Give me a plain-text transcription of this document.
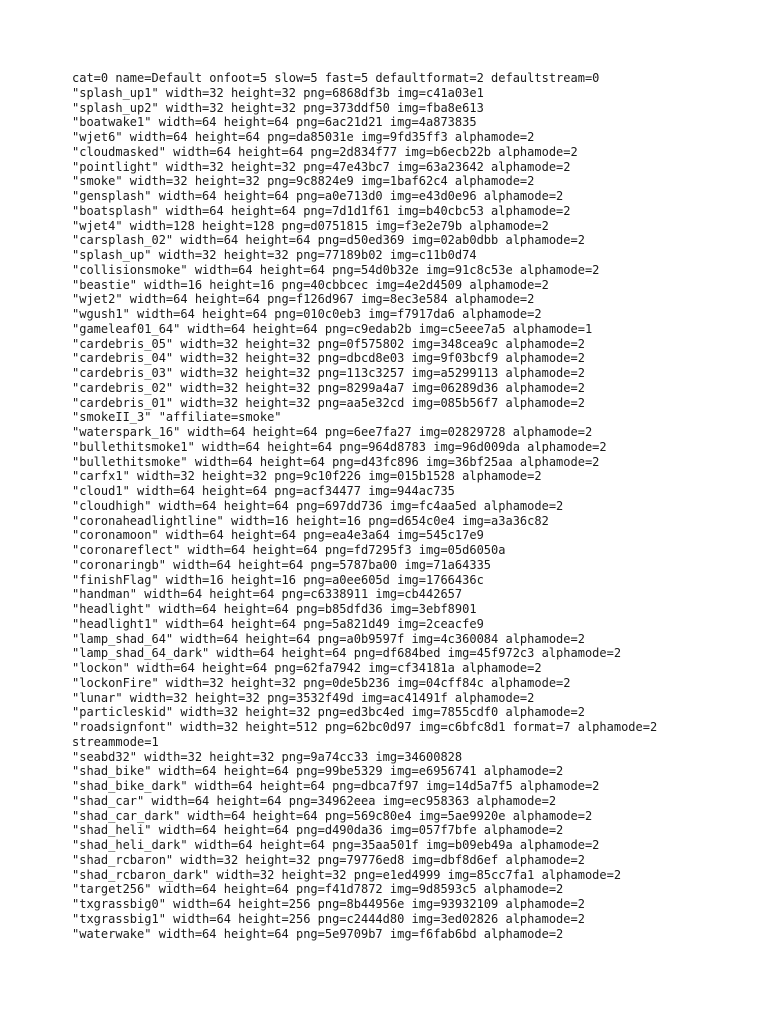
cat=0 name=Default onfoot=5 slow=5 fast=5 defaultformat=2 defaultstream=0
"splash_up1" width=32 height=32 png=6868df3b img=c41a03e1
"splash_up2" width=32 height=32 png=373ddf50 img=fba8e613
"boatwake1" width=64 height=64 png=6ac21d21 img=4a873835
"wjet6" width=64 height=64 png=da85031e img=9fd35ff3 alphamode=2
"cloudmasked" width=64 height=64 png=2d834f77 img=b6ecb22b alphamode=2
"pointlight" width=32 height=32 png=47e43bc7 img=63a23642 alphamode=2
"smoke" width=32 height=32 png=9c8824e9 img=1baf62c4 alphamode=2
"gensplash" width=64 height=64 png=a0e713d0 img=e43d0e96 alphamode=2
"boatsplash" width=64 height=64 png=7d1d1f61 img=b40cbc53 alphamode=2
"wjet4" width=128 height=128 png=d0751815 img=f3e2e79b alphamode=2
"carsplash_02" width=64 height=64 png=d50ed369 img=02ab0dbb alphamode=2
"splash_up" width=32 height=32 png=77189b02 img=c11b0d74
"collisionsmoke" width=64 height=64 png=54d0b32e img=91c8c53e alphamode=2
"beastie" width=16 height=16 png=40cbbcec img=4e2d4509 alphamode=2
"wjet2" width=64 height=64 png=f126d967 img=8ec3e584 alphamode=2
"wgush1" width=64 height=64 png=010c0eb3 img=f7917da6 alphamode=2
"gameleaf01_64" width=64 height=64 png=c9edab2b img=c5eee7a5 alphamode=1
"cardebris_05" width=32 height=32 png=0f575802 img=348cea9c alphamode=2
"cardebris_04" width=32 height=32 png=dbcd8e03 img=9f03bcf9 alphamode=2
"cardebris_03" width=32 height=32 png=113c3257 img=a5299113 alphamode=2
"cardebris_02" width=32 height=32 png=8299a4a7 img=06289d36 alphamode=2
"cardebris_01" width=32 height=32 png=aa5e32cd img=085b56f7 alphamode=2
"smokeII_3" "affiliate=smoke"
"waterspark_16" width=64 height=64 png=6ee7fa27 img=02829728 alphamode=2
"bullethitsmoke1" width=64 height=64 png=964d8783 img=96d009da alphamode=2
"bullethitsmoke" width=64 height=64 png=d43fc896 img=36bf25aa alphamode=2
"carfx1" width=32 height=32 png=9c10f226 img=015b1528 alphamode=2
"cloud1" width=64 height=64 png=acf34477 img=944ac735
"cloudhigh" width=64 height=64 png=697dd736 img=fc4aa5ed alphamode=2
"coronaheadlightline" width=16 height=16 png=d654c0e4 img=a3a36c82
"coronamoon" width=64 height=64 png=ea4e3a64 img=545c17e9
"coronareflect" width=64 height=64 png=fd7295f3 img=05d6050a
"coronaringb" width=64 height=64 png=5787ba00 img=71a64335
"finishFlag" width=16 height=16 png=a0ee605d img=1766436c
"handman" width=64 height=64 png=c6338911 img=cb442657
"headlight" width=64 height=64 png=b85dfd36 img=3ebf8901
"headlight1" width=64 height=64 png=5a821d49 img=2ceacfe9
"lamp_shad_64" width=64 height=64 png=a0b9597f img=4c360084 alphamode=2
"lamp_shad_64_dark" width=64 height=64 png=df684bed img=45f972c3 alphamode=2
"lockon" width=64 height=64 png=62fa7942 img=cf34181a alphamode=2
"lockonFire" width=32 height=32 png=0de5b236 img=04cff84c alphamode=2
"lunar" width=32 height=32 png=3532f49d img=ac41491f alphamode=2
"particleskid" width=32 height=32 png=ed3bc4ed img=7855cdf0 alphamode=2
"roadsignfont" width=32 height=512 png=62bc0d97 img=c6bfc8d1 format=7 alphamode=2
streammode=1
"seabd32" width=32 height=32 png=9a74cc33 img=34600828
"shad_bike" width=64 height=64 png=99be5329 img=e6956741 alphamode=2
"shad_bike_dark" width=64 height=64 png=dbca7f97 img=14d5a7f5 alphamode=2
"shad_car" width=64 height=64 png=34962eea img=ec958363 alphamode=2
"shad_car_dark" width=64 height=64 png=569c80e4 img=5ae9920e alphamode=2
"shad_heli" width=64 height=64 png=d490da36 img=057f7bfe alphamode=2
"shad_heli_dark" width=64 height=64 png=35aa501f img=b09eb49a alphamode=2
"shad_rcbaron" width=32 height=32 png=79776ed8 img=dbf8d6ef alphamode=2
"shad_rcbaron_dark" width=32 height=32 png=e1ed4999 img=85cc7fa1 alphamode=2
"target256" width=64 height=64 png=f41d7872 img=9d8593c5 alphamode=2
"txgrassbig0" width=64 height=256 png=8b44956e img=93932109 alphamode=2
"txgrassbig1" width=64 height=256 png=c2444d80 img=3ed02826 alphamode=2
"waterwake" width=64 height=64 png=5e9709b7 img=f6fab6bd alphamode=2
